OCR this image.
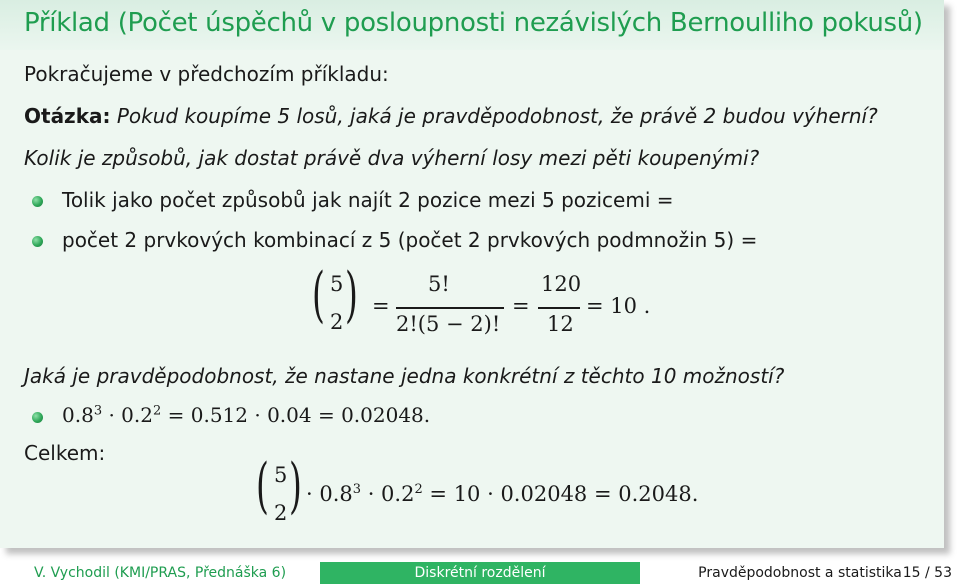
Příklad (Počet úspěchů v posloupnosti nezávislých Bernoulliho pokusů)
Pokračujeme v předchozím příkladu:
Otázka: Pokud koupíme 5 losů, jaká je pravděpodobnost, že právě 2 budou výherní?
Kolik je způsobů, jak dostat právě dva výherní losy mezi pěti koupenými?
Tolik jako počet způsobů jak najít 2 pozice mezi 5 pozicemi =
počet 2 prvkových kombinací z 5 (počet 2 prvkových podmnožin 5) =
( 5
2 ) =
5!
2!(5 − 2)!
=
120
12
= 10 .
Jaká je pravděpodobnost, že nastane jedna konkrétní z těchto 10 možností?
$0.8^3 \cdot 0.2^2 = 0.512 \cdot 0.04 = 0.02048$.
Celkem:	( 5
2 ) · $0.8^3 \cdot 0.2^2 = 10 \cdot 0.02048 = 0.2048$.
V. Vychodil (KMI/PRAS, Přednáška 6)	Diskrétní rozdělení	Pravděpodobnost a statistika 15 / 53
